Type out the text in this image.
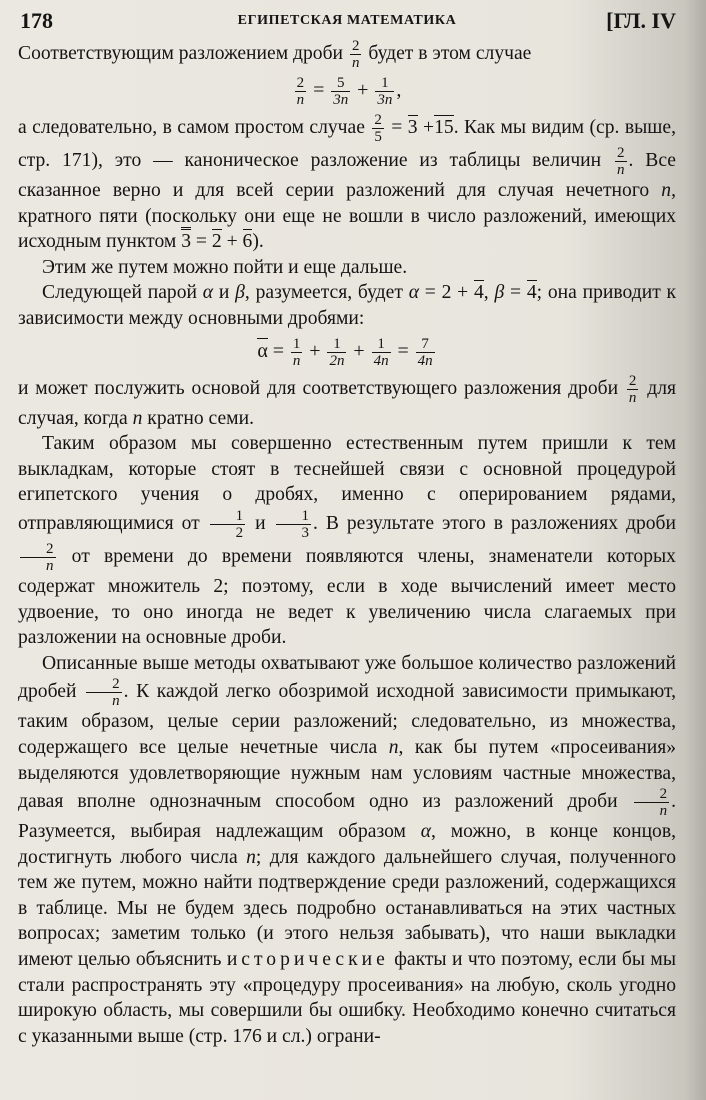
178	ЕГИПЕТСКАЯ МАТЕМАТИКА	[ГЛ. IV

Соответствующим разложением дроби $\frac{2}{n}$ будет в этом случае

$\frac{2}{n} = \frac{5}{3n} + \frac{1}{3n}$ ,

а следовательно, в самом простом случае $\frac{2}{5} = 3 +15$. Как мы видим (ср. выше, стр. 171), это — каноническое разложение из таблицы величин $\frac{2}{n}$ . Все сказанное верно и для всей серии разложений для случая нечетного n, кратного пяти (поскольку они еще не вошли в число разложений, имеющих исходным пунктом 3 = 2 + 6).

Этим же путем можно пойти и еще дальше.

Следующей парой α и β, разумеется, будет α = 2 + 4, β = 4; она приводит к зависимости между основными дробями:

$\alpha = \frac{1}{n} + \frac{1}{2n} + \frac{1}{4n} = \frac{7}{4n}$

и может послужить основой для соответствующего разложения дроби $\frac{2}{n}$ для случая, когда n кратно семи.

Таким образом мы совершенно естественным путем пришли к тем выкладкам, которые стоят в теснейшей связи с основной процедурой египетского учения о дробях, именно с оперированием рядами, отправляющимися от $\frac{1}{2}$ и $\frac{1}{3}$ . В результате этого в разложениях дроби
$\frac{2}{n}$ от времени до времени появляются члены, знаменатели которых содержат множитель 2; поэтому, если в ходе вычислений имеет место удвоение, то оно иногда не ведет к увеличению числа слагаемых при разложении на основные дроби.

Описанные выше методы охватывают уже большое количество разложений дробей $\frac{2}{n}$ . К каждой легко обозримой исходной зависимости примыкают, таким образом, целые серии разложений; следовательно, из множества, содержащего все целые нечетные числа n, как бы путем «просеивания» выделяются удовлетворяющие нужным нам условиям частные множества, давая вполне однозначным способом одно из разложений дроби $\frac{2}{n}$ . Разумеется, выбирая надлежащим образом α, можно, в конце концов, достигнуть любого числа n; для каждого дальнейшего случая, полученного тем же путем, можно найти подтверждение среди разложений, содержащихся в таблице. Мы не будем здесь подробно останавливаться на этих частных вопросах; заметим только (и этого нельзя забывать), что наши выкладки имеют целью объяснить исторические факты и что поэтому, если бы мы стали распространять эту «процедуру просеивания» на любую, сколь угодно широкую область, мы совершили бы ошибку. Необходимо конечно считаться с указанными выше (стр. 176 и сл.) ограни-
